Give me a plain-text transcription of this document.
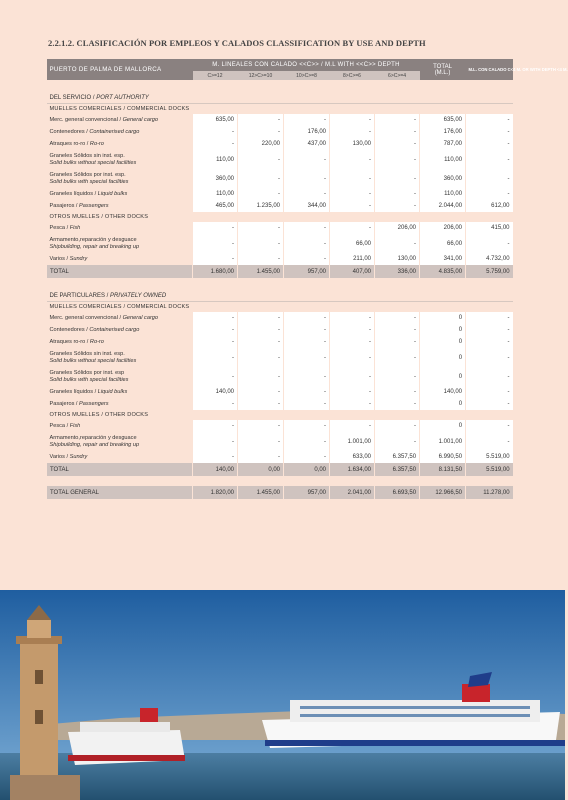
2.2.1.2. CLASIFICACIÓN POR EMPLEOS Y CALADOS CLASSIFICATION BY USE AND DEPTH
PUERTO DE PALMA DE MALLORCA	M. LINEALES CON CALADO <<C>> / M.L WITH <<C>> DEPTH					TOTAL
(M.L.)	M.L. CON CALADO C<4 M. OR WITH DEPTH <4 M.
	C>=12	12>C>=10	10>C>=8	8>C>=6	6>C>=4		

DEL SERVICIO / PORT AUTHORITY							
MUELLES COMERCIALES / COMMERCIAL DOCKS							
Merc. general convencional / General cargo	635,00	-	-	-	-	635,00	-
Contenedores / Containerised cargo	-	-	176,00	-	-	176,00	-
Atraques ro-ro / Ro-ro	-	220,00	437,00	130,00	-	787,00	-
Graneles Sólidos sin inst. esp.
Solid bulks without special facilities	110,00	-	-	-	-	110,00	-
Graneles Sólidos por inst. esp.
Solid bulks with special facilities	360,00	-	-	-	-	360,00	-
Graneles líquidos / Liquid bulks	110,00	-	-	-	-	110,00	-
Pasajeros / Passengers	465,00	1.235,00	344,00	-	-	2.044,00	612,00
OTROS MUELLES / OTHER DOCKS							
Pesca / Fish	-	-	-	-	206,00	206,00	415,00
Armamento,reparación y desguace
Shipbuilding, repair and breaking up	-	-	-	66,00	-	66,00	-
Varios / Sundry	-	-	-	211,00	130,00	341,00	4.732,00
TOTAL	1.680,00	1.455,00	957,00	407,00	336,00	4.835,00	5.759,00

DE PARTICULARES / PRIVATELY OWNED							
MUELLES COMERCIALES / COMMERCIAL DOCKS							
Merc. general convencional / General cargo	-	-	-	-	-	0	-
Contenedores / Containerised cargo	-	-	-	-	-	0	-
Atraques ro-ro / Ro-ro	-	-	-	-	-	0	-
Graneles Sólidos sin inst. esp.
Solid bulks without special facilities	-	-	-	-	-	0	-
Graneles Sólidos por inst. esp
Solid bulks with special facilities	-	-	-	-	-	0	-
Graneles líquidos / Liquid bulks	140,00	-	-	-	-	140,00	-
Pasajeros / Passengers	-	-	-	-	-	0	-
OTROS MUELLES / OTHER DOCKS							
Pesca / Fish	-	-	-	-	-	0	-
Armamento,reparación y desguace
Shipbuilding, repair and breaking up	-	-	-	1.001,00	-	1.001,00	-
Varios / Sundry	-	-	-	633,00	6.357,50	6.990,50	5.519,00
TOTAL	140,00	0,00	0,00	1.634,00	6.357,50	8.131,50	5.519,00

TOTAL GENERAL	1.820,00	1.455,00	957,00	2.041,00	6.693,50	12.966,50	11.278,00
